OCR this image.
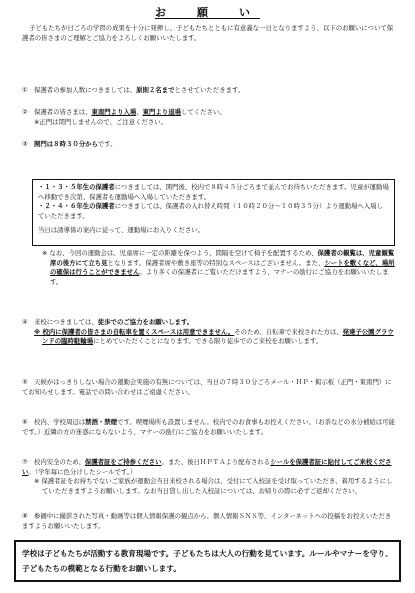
お　願　い
子どもたちが日ごろの学習の成果を十分に発揮し、子どもたちとともに有意義な一日となりますよう、以下のお願いについて保護者の皆さまのご理解とご協力をよろしくお願いいたします。
① 保護者の参加人数につきましては、原則２名までとさせていただきます。
② 保護者の皆さまは、東南門より入場、東門より退場してください。
※正門は閉門しませんので、ご注意ください。
③ 開門は８時３０分からです。
・１・３・５年生の保護者につきましては、開門後、校内で８時４５分ごろまで並んでお待ちいただきます。児童が運動場へ移動でき次第、保護者も運動場へ入場していただきます。
・２・４・６年生の保護者につきましては、保護者の入れ替え時間（１０時２０分～１０時３５分）より運動場へ入場していただきます。
当日は誘導係の案内に従って、運動場にお入りください。
※ なお、今回の運動会は、児童席に一定の距離を保つよう、間隔を空けて椅子を配置するため、保護者の観覧は、児童観覧席の後方にて立ち見となります。保護者席や敷き座等の特別なスペースはございません。また、シートを敷くなど、場所の確保は行うことができません。より多くの保護者にご覧いただけますよう、マナーの励行にご協力をお願いいたします。
④ 来校につきましては、徒歩でのご協力をお願いします。
※ 校内に保護者の皆さまの自転車を置くスペースは用意できません。そのため、自転車で来校された方は、発達子公園グラウンドの臨時駐輪場にとめていただくことになります。できる限り徒歩でのご来校をお願いします。
⑤ 天候がはっきりしない場合の運動会実施の有無については、当日の７時３０分ごろメール・ＨＰ・掲示板（正門・東南門）にてお知らせします。電話での問い合わせはご遠慮ください。
⑥ 校内、学校周辺は禁酒・禁煙です。喫煙場所も設置しません。校内でのお食事もお控えください。（お茶などの水分補給は可能です。）近隣の方の迷惑にならないよう、マナーの励行にご協力をお願いいたします。
⑦ 校内安全のため、保護者証をご持参ください。また、後日ＨＰＴＡより配布されるシールを保護者証に貼付してご来校ください。（学年毎に色分けしたシールです。）
※ 保護者証をお持ちでないご家族が運動会当日来校される場合は、受付にて入校証を受け取っていただき、着用するようにしていただきますようお願いします。なお当日貸し出した入校証については、お帰りの際に必ずご返却ください。
⑧ 参観中に撮影された写真・動画等は個人情報保護の観点から、個人情報ＳＮＳ等、インターネットへの投稿をお控えいただきますようお願いいたします。
学校は子どもたちが活動する教育現場です。子どもたちは大人の行動を見ています。ルールやマナーを守り、子どもたちの模範となる行動をお願いします。
